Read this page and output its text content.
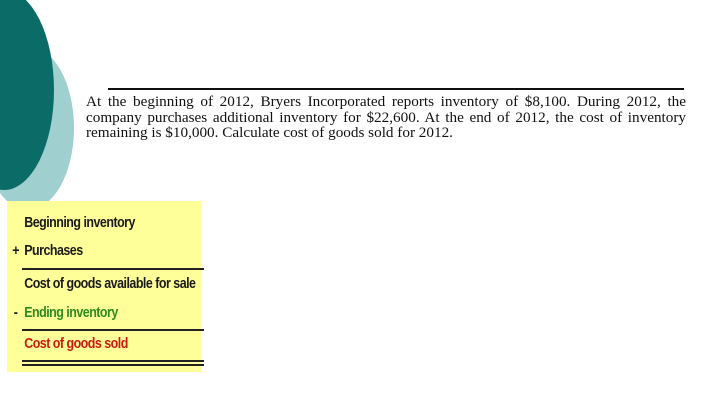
At the beginning of 2012, Bryers Incorporated reports inventory of $8,100. During 2012, the company purchases additional inventory for $22,600. At the end of 2012, the cost of inventory remaining is $10,000. Calculate cost of goods sold for 2012.

Beginning inventory
+ Purchases
Cost of goods available for sale
- Ending inventory
Cost of goods sold
